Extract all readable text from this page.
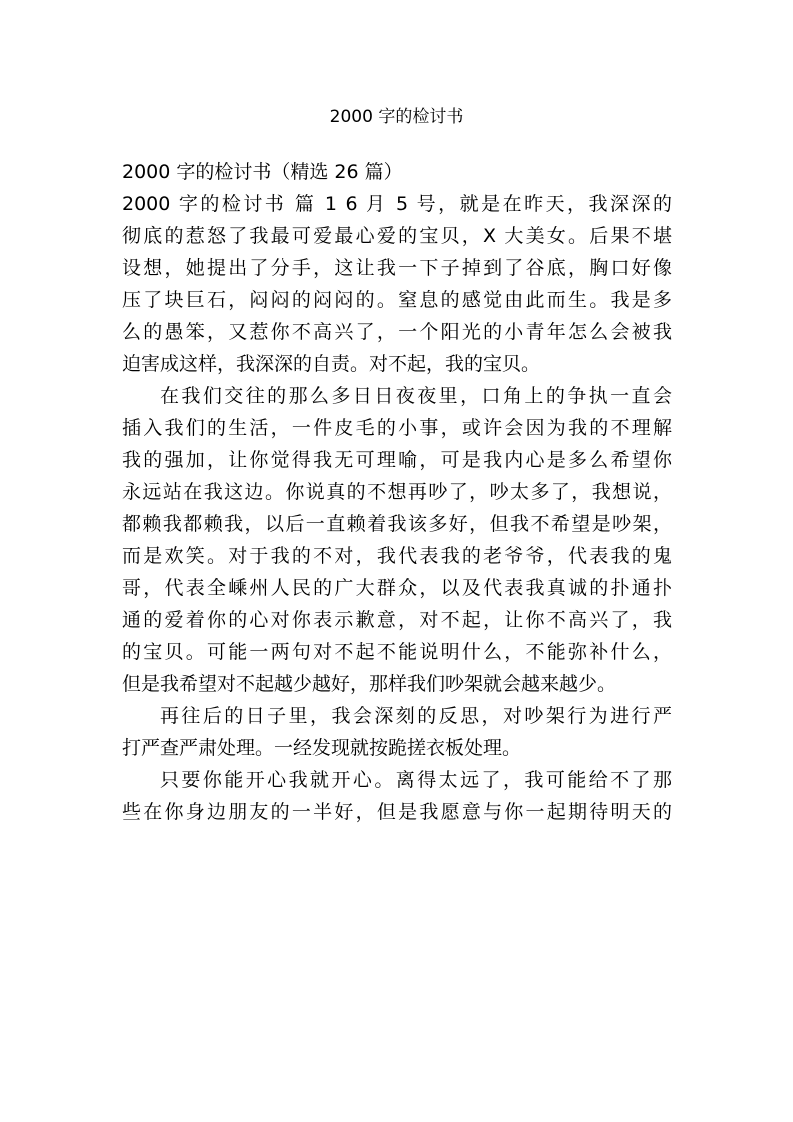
2000 字的检讨书
2000 字的检讨书（精选 26 篇）
2000 字的检讨书 篇 1 6 月 5 号，就是在昨天，我深深的
彻底的惹怒了我最可爱最心爱的宝贝，X 大美女。后果不堪
设想，她提出了分手，这让我一下子掉到了谷底，胸口好像
压了块巨石，闷闷的闷闷的。窒息的感觉由此而生。我是多
么的愚笨，又惹你不高兴了，一个阳光的小青年怎么会被我
迫害成这样，我深深的自责。对不起，我的宝贝。
在我们交往的那么多日日夜夜里，口角上的争执一直会
插入我们的生活，一件皮毛的小事，或许会因为我的不理解
我的强加，让你觉得我无可理喻，可是我内心是多么希望你
永远站在我这边。你说真的不想再吵了，吵太多了，我想说，
都赖我都赖我，以后一直赖着我该多好，但我不希望是吵架，
而是欢笑。对于我的不对，我代表我的老爷爷，代表我的鬼
哥，代表全嵊州人民的广大群众，以及代表我真诚的扑通扑
通的爱着你的心对你表示歉意，对不起，让你不高兴了，我
的宝贝。可能一两句对不起不能说明什么，不能弥补什么，
但是我希望对不起越少越好，那样我们吵架就会越来越少。
再往后的日子里，我会深刻的反思，对吵架行为进行严
打严查严肃处理。一经发现就按跪搓衣板处理。
只要你能开心我就开心。离得太远了，我可能给不了那
些在你身边朋友的一半好，但是我愿意与你一起期待明天的
